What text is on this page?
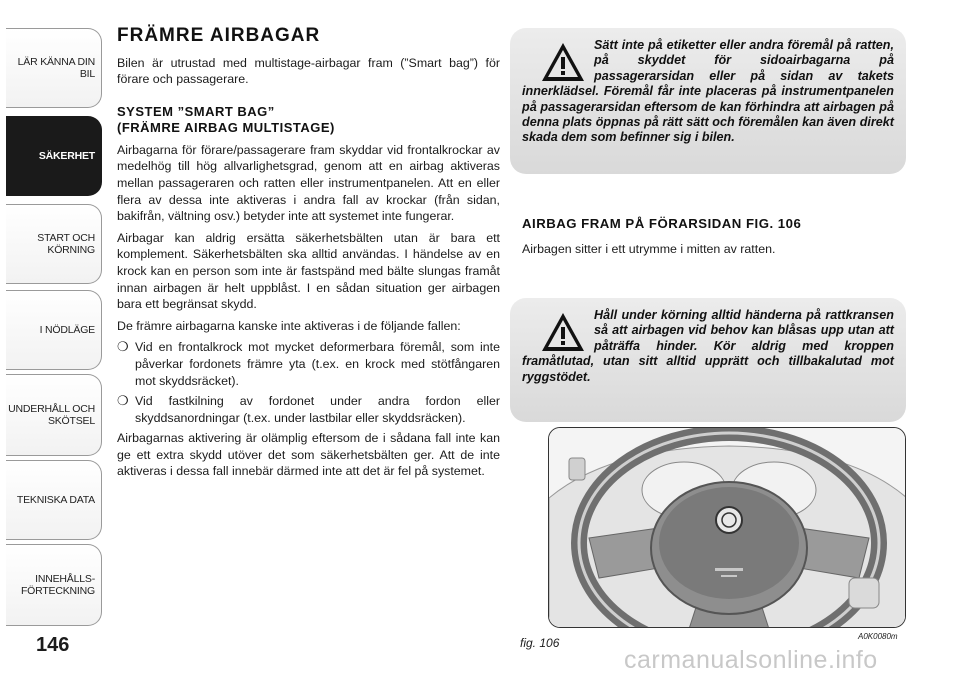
LÄR KÄNNA DIN BIL
SÄKERHET
START OCH KÖRNING
I NÖDLÄGE
UNDERHÅLL OCH SKÖTSEL
TEKNISKA DATA
INNEHÅLLS- FÖRTECKNING
146
FRÄMRE AIRBAGAR

Bilen är utrustad med multistage-airbagar fram (”Smart bag”) för förare och passagerare.

SYSTEM ”SMART BAG”
(FRÄMRE AIRBAG MULTISTAGE)

Airbagarna för förare/passagerare fram skyddar vid frontalkrockar av medelhög till hög allvarlighetsgrad, genom att en airbag aktiveras mellan passageraren och ratten eller instrumentpanelen. Att en eller flera av dessa inte aktiveras i andra fall av krockar (från sidan, bakifrån, vältning osv.) betyder inte att systemet inte fungerar.

Airbagar kan aldrig ersätta säkerhetsbälten utan är bara ett komplement. Säkerhetsbälten ska alltid användas. I händelse av en krock kan en person som inte är fastspänd med bälte slungas framåt innan airbagen är helt uppblåst. I en sådan situation ger airbagen bara ett begränsat skydd.

De främre airbagarna kanske inte aktiveras i de följande fallen:

❍ Vid en frontalkrock mot mycket deformerbara föremål, som inte påverkar fordonets främre yta (t.ex. en krock med stötfångaren mot skyddsräcket).
❍ Vid fastkilning av fordonet under andra fordon eller skyddsanordningar (t.ex. under lastbilar eller skyddsräcken).

Airbagarnas aktivering är olämplig eftersom de i sådana fall inte kan ge ett extra skydd utöver det som säkerhetsbälten ger. Att de inte aktiveras i dessa fall innebär därmed inte att det är fel på systemet.

Sätt inte på etiketter eller andra föremål på ratten, på skyddet för sidoairbagarna på passagerarsidan eller på sidan av takets innerklädsel. Föremål får inte placeras på instrumentpanelen på passagerarsidan eftersom de kan förhindra att airbagen på denna plats öppnas på rätt sätt och föremålen kan även direkt skada dem som befinner sig i bilen.
AIRBAG FRAM PÅ FÖRARSIDAN FIG. 106
Airbagen sitter i ett utrymme i mitten av ratten.
Håll under körning alltid händerna på rattkransen så att airbagen vid behov kan blåsas upp utan att påträffa hinder. Kör aldrig med kroppen framåtlutad, utan sitt alltid upprätt och tillbakalutad mot ryggstödet.
fig. 106	A0K0080m
carmanualsonline.info
